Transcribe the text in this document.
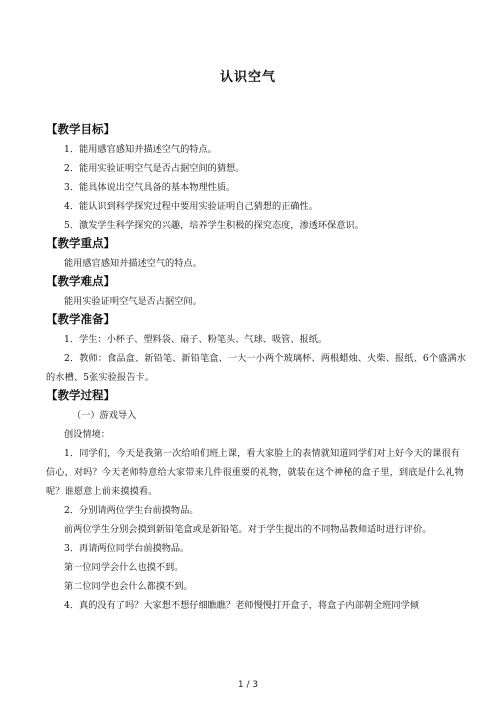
认识空气
【教学目标】
1．能用感官感知并描述空气的特点。
2．能用实验证明空气是否占据空间的猜想。
3．能具体说出空气具备的基本物理性质。
4．能认识到科学探究过程中要用实验证明自己猜想的正确性。
5．激发学生科学探究的兴趣，培养学生积极的探究态度，渗透环保意识。
【教学重点】
能用感官感知并描述空气的特点。
【教学难点】
能用实验证明空气是否占据空间。
【教学准备】
1．学生：小杯子、塑料袋、扇子、粉笔头、气球、吸管、报纸。
2．教师：食品盒、新铅笔、新铅笔盒、一大一小两个玻璃杯、两根蜡烛、火柴、报纸、6个盛满水的水槽、5张实验报告卡。
【教学过程】
（一）游戏导入
创设情境：
1．同学们，今天是我第一次给咱们班上课，看大家脸上的表情就知道同学们对上好今天的课很有信心，对吗？今天老师特意给大家带来几件很重要的礼物，就装在这个神秘的盒子里，到底是什么礼物呢？谁愿意上前来摸摸看。
2．分别请两位学生台前摸物品。
前两位学生分别会摸到新铅笔盒或是新铅笔。对于学生提出的不同物品教师适时进行评价。
3．再请两位同学台前摸物品。
第一位同学会什么也摸不到。
第二位同学也会什么都摸不到。
4．真的没有了吗？大家想不想仔细瞧瞧？老师慢慢打开盒子，将盒子内部朝全班同学倾
1 / 3
